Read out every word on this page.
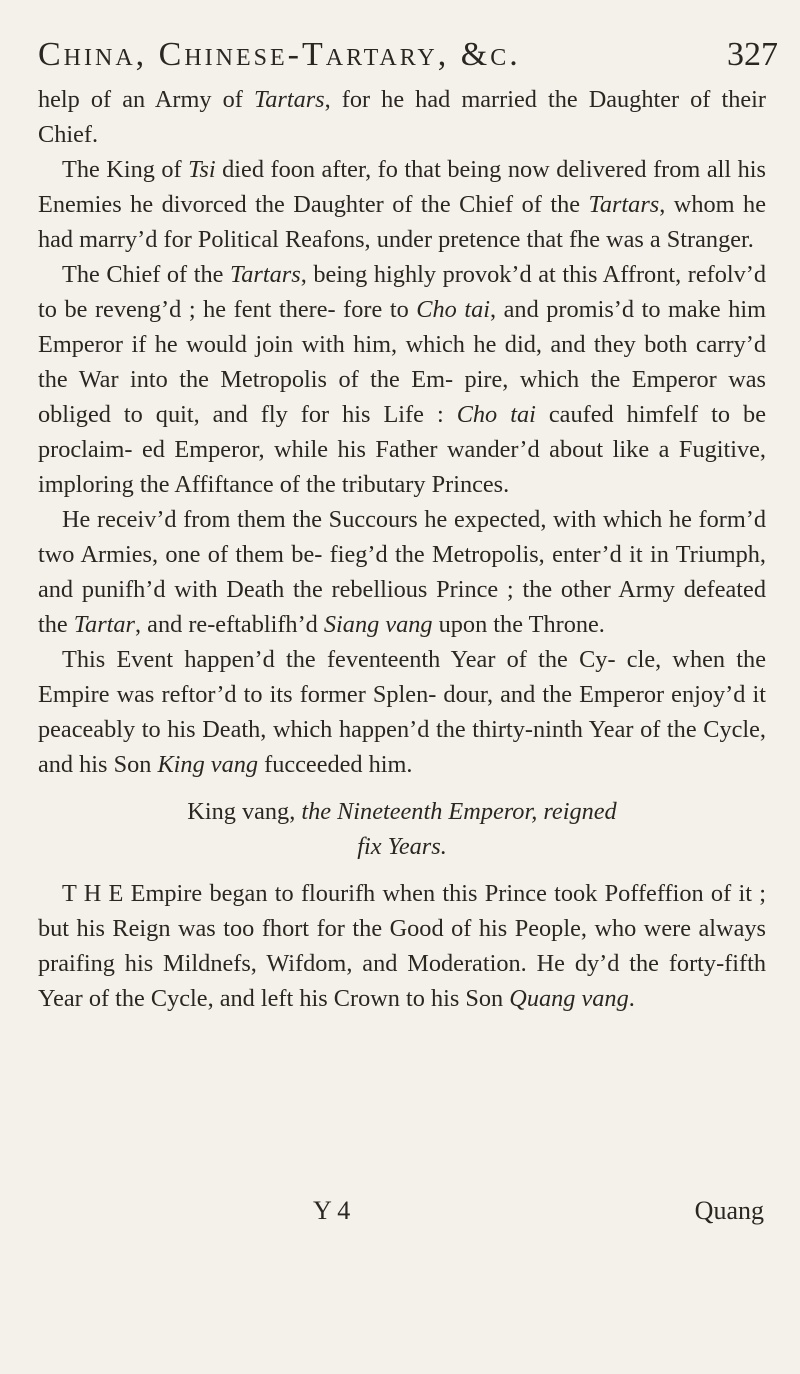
China, Chinese-Tartary, &c.	327

help of an Army of Tartars, for he had married the Daughter of their Chief.

The King of Tsi died foon after, fo that being now delivered from all his Enemies he divorced the Daughter of the Chief of the Tartars, whom he had marry’d for Political Reafons, under pretence that fhe was a Stranger.

The Chief of the Tartars, being highly provok’d at this Affront, refolv’d to be reveng’d ; he fent there- fore to Cho tai, and promis’d to make him Emperor if he would join with him, which he did, and they both carry’d the War into the Metropolis of the Em- pire, which the Emperor was obliged to quit, and fly for his Life : Cho tai caufed himfelf to be proclaim- ed Emperor, while his Father wander’d about like a Fugitive, imploring the Affiftance of the tributary Princes.

He receiv’d from them the Succours he expected, with which he form’d two Armies, one of them be- fieg’d the Metropolis, enter’d it in Triumph, and punifh’d with Death the rebellious Prince ; the other Army defeated the Tartar, and re-eftablifh’d Siang vang upon the Throne.

This Event happen’d the feventeenth Year of the Cy- cle, when the Empire was reftor’d to its former Splen- dour, and the Emperor enjoy’d it peaceably to his Death, which happen’d the thirty-ninth Year of the Cycle, and his Son King vang fucceeded him.

King vang, the Nineteenth Emperor, reigned
fix Years.

T H E Empire began to flourifh when this Prince took Poffeffion of it ; but his Reign was too fhort for the Good of his People, who were always praifing his Mildnefs, Wifdom, and Moderation. He dy’d the forty-fifth Year of the Cycle, and left his Crown to his Son Quang vang.

Y 4	Quang
